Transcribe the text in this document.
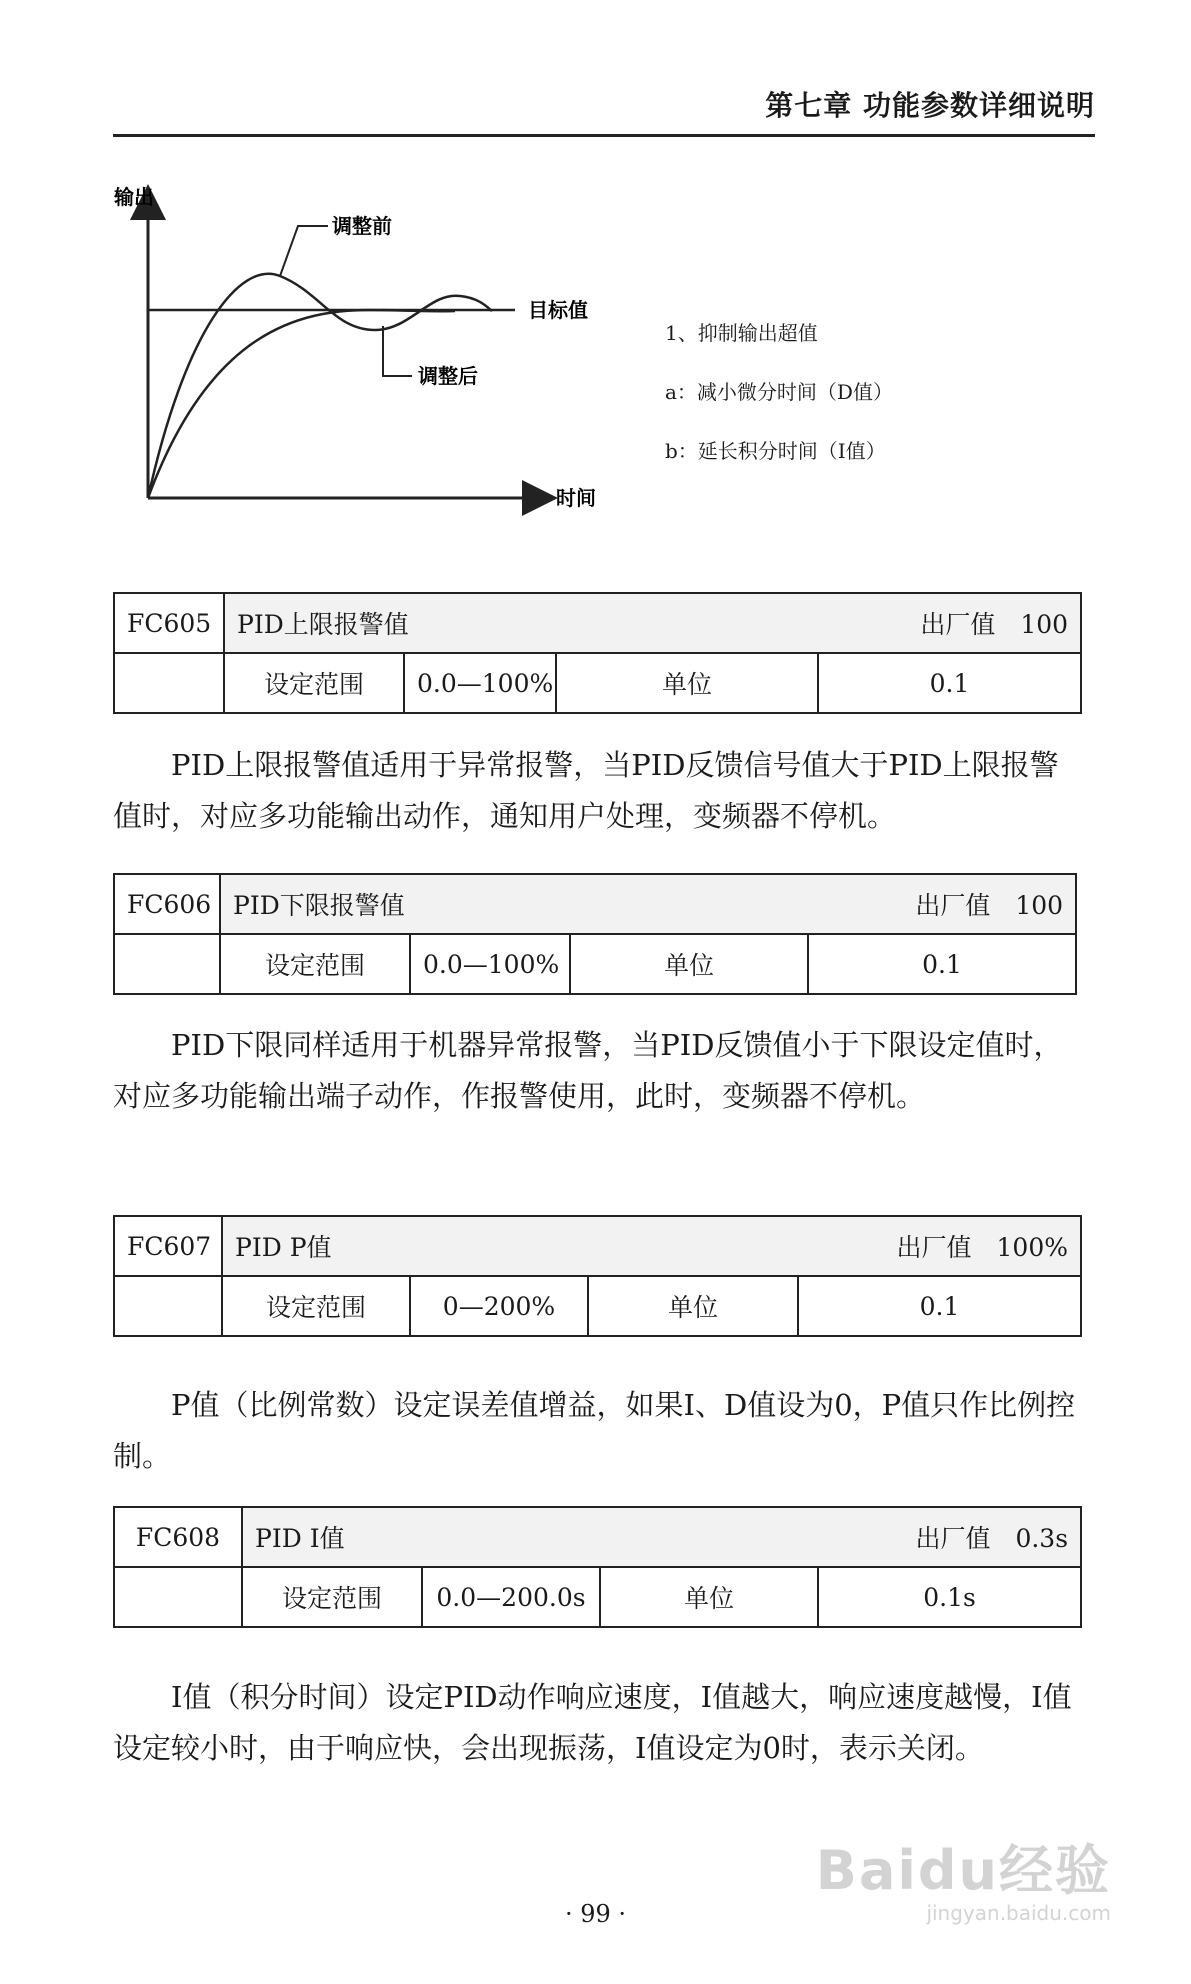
第七章 功能参数详细说明
输出
调整前
目标值
调整后
时间
1、抑制输出超值
a：减小微分时间（D值）
b：延长积分时间（I值）
FC605	PID上限报警值 出厂值　100			

	设定范围	0.0—100%	单位	0.1

PID上限报警值适用于异常报警，当PID反馈信号值大于PID上限报警值时，对应多功能输出动作，通知用户处理，变频器不停机。

FC606	PID下限报警值 出厂值　100			

	设定范围	0.0—100%	单位	0.1

PID下限同样适用于机器异常报警，当PID反馈值小于下限设定值时，对应多功能输出端子动作，作报警使用，此时，变频器不停机。

FC607	PID P值 出厂值　100%			

	设定范围	0—200%	单位	0.1

P值（比例常数）设定误差值增益，如果I、D值设为0，P值只作比例控制。

FC608	PID I值 出厂值　0.3s			

	设定范围	0.0—200.0s	单位	0.1s

I值（积分时间）设定PID动作响应速度，I值越大，响应速度越慢，I值设定较小时，由于响应快，会出现振荡，I值设定为0时，表示关闭。

· 99 ·
Baidu经验
jingyan.baidu.com
